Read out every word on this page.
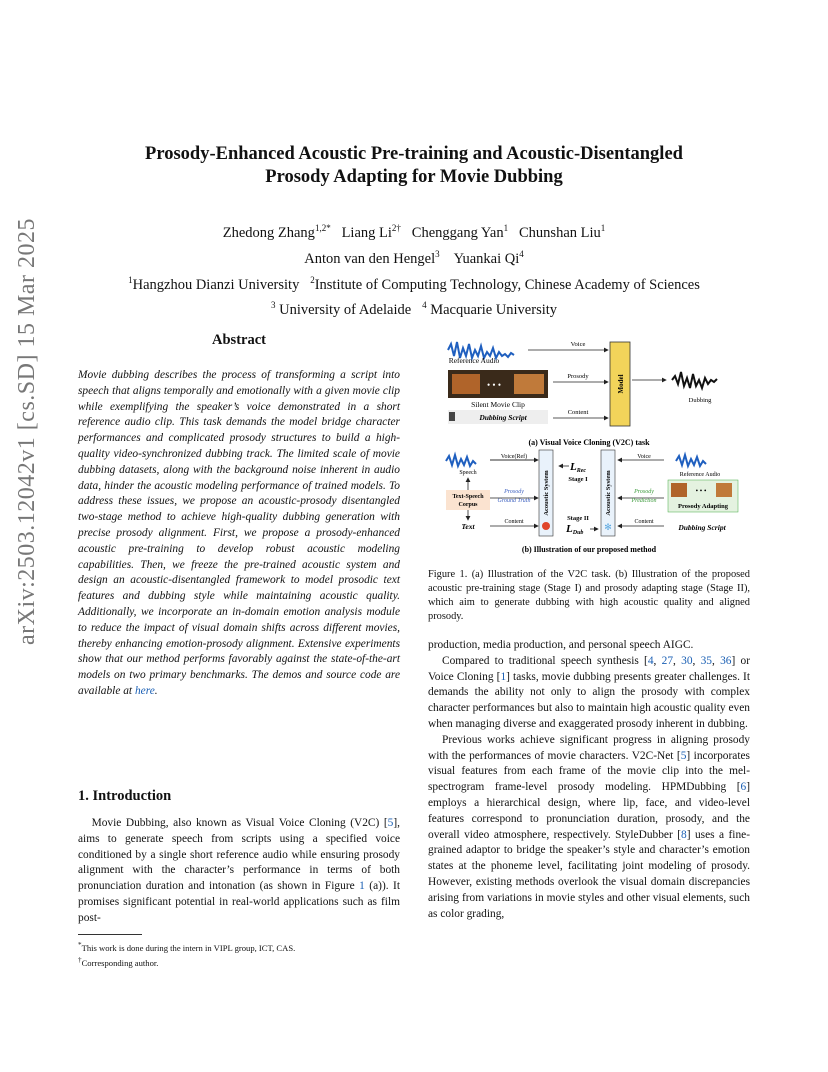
arXiv:2503.12042v1 [cs.SD] 15 Mar 2025
Prosody-Enhanced Acoustic Pre-training and Acoustic-Disentangled
Prosody Adapting for Movie Dubbing
Zhedong Zhang$^{1,2*}$ Liang $Li^{2\dagger}$ Chenggang Yan$^1$ Chunshan Liu$^1$
Anton van den Hengel$^3$ Yuankai Qi$^4$
$^1$Hangzhou Dianzi University $^2$Institute of Computing Technology, Chinese Academy of Sciences
$^3$ University of Adelaide $^4$ Macquarie University
Abstract
Movie dubbing describes the process of transforming a script into speech that aligns temporally and emotionally with a given movie clip while exemplifying the speaker’s voice demonstrated in a short reference audio clip. This task demands the model bridge character performances and complicated prosody structures to build a high-quality video-synchronized dubbing track. The limited scale of movie dubbing datasets, along with the background noise inherent in audio data, hinder the acoustic modeling performance of trained models. To address these issues, we propose an acoustic-prosody disentangled two-stage method to achieve high-quality dubbing generation with precise prosody alignment. First, we propose a prosody-enhanced acoustic pre-training to develop robust acoustic modeling capabilities. Then, we freeze the pre-trained acoustic system and design an acoustic-disentangled framework to model prosodic text features and dubbing style while maintaining acoustic quality. Additionally, we incorporate an in-domain emotion analysis module to reduce the impact of visual domain shifts across different movies, thereby enhancing emotion-prosody alignment. Extensive experiments show that our method performs favorably against the state-of-the-art models on two primary benchmarks. The demos and source code are available at here.
1. Introduction
Movie Dubbing, also known as Visual Voice Cloning (V2C) [5], aims to generate speech from scripts using a specified voice conditioned by a single short reference audio while ensuring prosody alignment with the character’s performance in terms of both pronunciation duration and intonation (as shown in Figure 1 (a)). It promises significant potential in real-world applications such as film post-
*This work is done during the intern in VIPL group, ICT, CAS.
†Corresponding author.
Reference Audio
Voice
• • •
Silent Movie Clip
Prosody
Dubbing Script
Content
Model
Dubbing
(a) Visual Voice Cloning (V2C) task
Speech
Text-Speech
Corpus
Text
Voice(Ref)
Prosody
Ground Truth
Content
Acoustic System
LRec
Stage I
Stage II
LDub
Acoustic System
✻
Voice
Prosody
Prediction
Content
Reference Audio
• • •
Prosody Adapting
Dubbing Script
(b) Illustration of our proposed method
Figure 1. (a) Illustration of the V2C task. (b) Illustration of the proposed acoustic pre-training stage (Stage I) and prosody adapting stage (Stage II), which aim to generate dubbing with high acoustic quality and aligned prosody.

production, media production, and personal speech AIGC.

Compared to traditional speech synthesis [4, 27, 30, 35, 36] or Voice Cloning [1] tasks, movie dubbing presents greater challenges. It demands the ability not only to align the prosody with complex character performances but also to maintain high acoustic quality even when managing diverse and exaggerated prosody inherent in dubbing.

Previous works achieve significant progress in aligning prosody with the performances of movie characters. V2C-Net [5] incorporates visual features from each frame of the movie clip into the mel-spectrogram frame-level prosody modeling. HPMDubbing [6] employs a hierarchical design, where lip, face, and video-level features correspond to pronunciation duration, prosody, and the overall video atmosphere, respectively. StyleDubber [8] uses a fine-grained adaptor to bridge the speaker’s style and character’s emotion states at the phoneme level, facilitating joint modeling of prosody. However, existing methods overlook the visual domain discrepancies arising from variations in movie styles and other visual elements, such as color grading,
